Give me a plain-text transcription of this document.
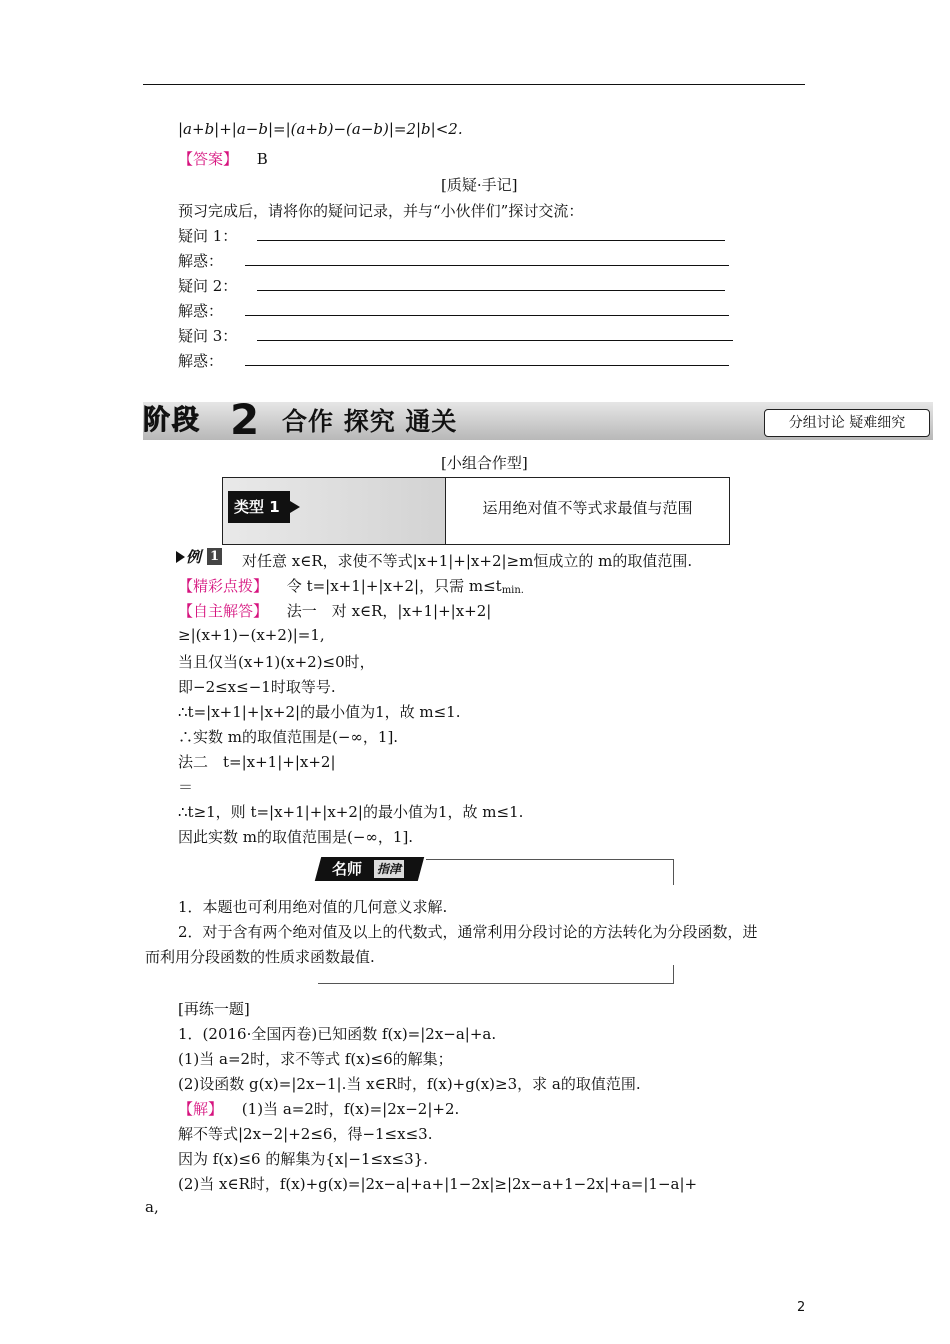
|a+b|+|a−b|=|(a+b)−(a−b)|=2|b|<2.
【答案】 B
[质疑·手记]
预习完成后，请将你的疑问记录，并与“小伙伴们”探讨交流：
疑问 1：
解惑：
疑问 2：
解惑：
疑问 3：
解惑：
阶段 2 合作 探究 通关	分组讨论 疑难细究
[小组合作型]
类型 1	运用绝对值不等式求最值与范围
例 1 对任意 x∈R，求使不等式|x+1|+|x+2|≥m恒成立的 m的取值范围.
【精彩点拨】 令 t=|x+1|+|x+2|，只需 $m\le t_{min.}$
【自主解答】 法一　对 x∈R，|x+1|+|x+2|
≥|(x+1)−(x+2)|=1,
当且仅当(x+1)(x+2)≤0时，
即−2≤x≤−1时取等号.
∴t=|x+1|+|x+2|的最小值为1，故 m≤1.
∴实数 m的取值范围是(−∞，1].
法二　t=|x+1|+|x+2|
＝
∴t≥1，则 t=|x+1|+|x+2|的最小值为1，故 m≤1.
因此实数 m的取值范围是(−∞，1].
名师 指津
1．本题也可利用绝对值的几何意义求解.
2．对于含有两个绝对值及以上的代数式，通常利用分段讨论的方法转化为分段函数，进
而利用分段函数的性质求函数最值.
[再练一题]
1．(2016·全国丙卷)已知函数 f(x)=|2x−a|+a.
(1)当 a=2时，求不等式 f(x)≤6的解集；
(2)设函数 g(x)=|2x−1|.当 x∈R时，f(x)+g(x)≥3，求 a的取值范围.
【解】 (1)当 a=2时，f(x)=|2x−2|+2.
解不等式|2x−2|+2≤6，得−1≤x≤3.
因为 f(x)≤6 的解集为{x|−1≤x≤3}.
(2)当 x∈R时，f(x)+g(x)=|2x−a|+a+|1−2x|≥|2x−a+1−2x|+a=|1−a|+
a,
2
